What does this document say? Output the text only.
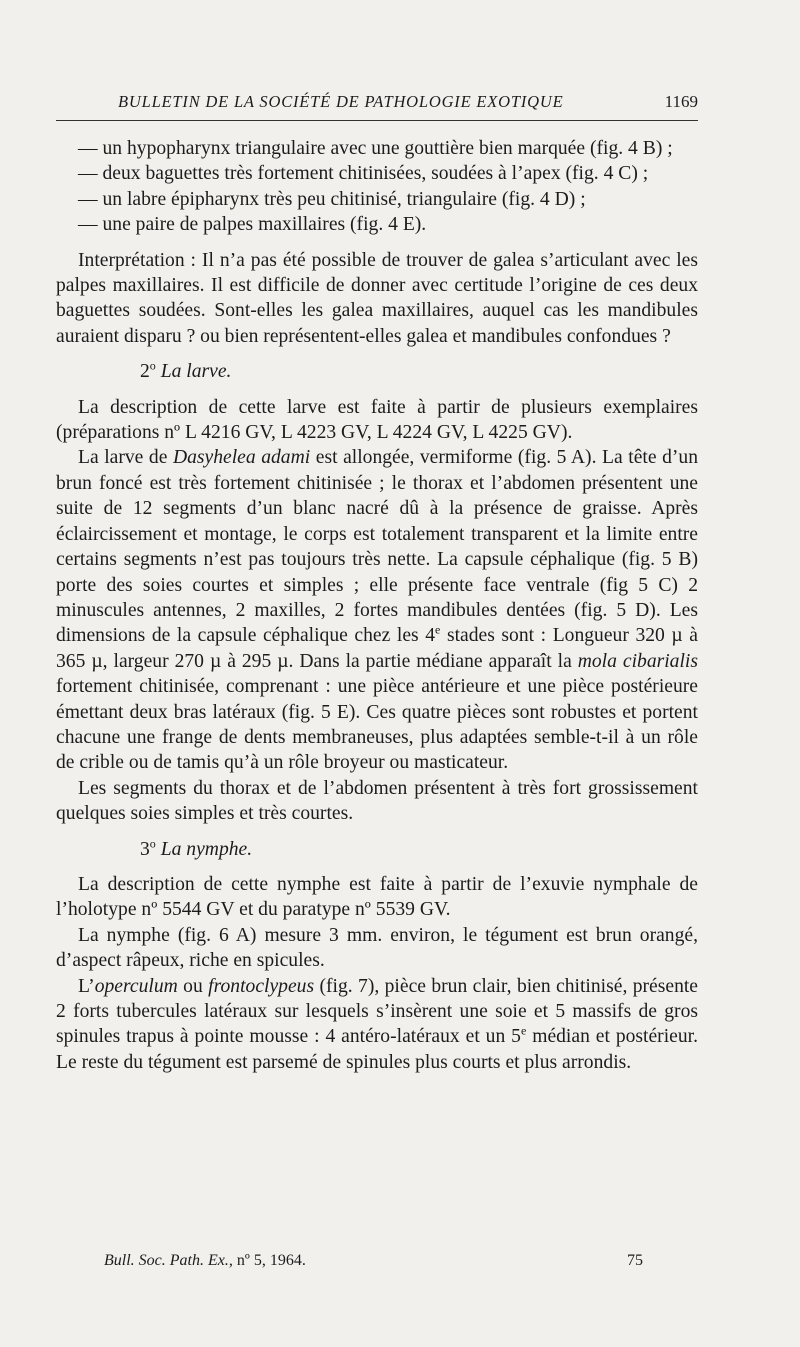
BULLETIN DE LA SOCIÉTÉ DE PATHOLOGIE EXOTIQUE	1169

— un hypopharynx triangulaire avec une gouttière bien marquée (fig. 4 B) ;

— deux baguettes très fortement chitinisées, soudées à l’apex (fig. 4 C) ;

— un labre épipharynx très peu chitinisé, triangulaire (fig. 4 D) ;

— une paire de palpes maxillaires (fig. 4 E).

Interprétation : Il n’a pas été possible de trouver de galea s’articulant avec les palpes maxillaires. Il est difficile de donner avec certitude l’origine de ces deux baguettes soudées. Sont-elles les galea maxillaires, auquel cas les mandibules auraient disparu ? ou bien représentent-elles galea et mandibules confondues ?

2$^o$ La larve.

La description de cette larve est faite à partir de plusieurs exemplaires (préparations nº L 4216 GV, L 4223 GV, L 4224 GV, L 4225 GV).

La larve de Dasyhelea adami est allongée, vermiforme (fig. 5 A). La tête d’un brun foncé est très fortement chitinisée ; le thorax et l’abdomen présentent une suite de 12 segments d’un blanc nacré dû à la présence de graisse. Après éclaircissement et montage, le corps est totalement transparent et la limite entre certains segments n’est pas toujours très nette. La capsule céphalique (fig. 5 B) porte des soies courtes et simples ; elle présente face ventrale (fig 5 C) 2 minuscules antennes, 2 maxilles, 2 fortes mandibules dentées (fig. 5 D). Les dimensions de la capsule céphalique chez les 4e stades sont : Longueur 320 µ à 365 µ, largeur 270 µ à 295 µ. Dans la partie médiane apparaît la mola cibarialis fortement chitinisée, comprenant : une pièce antérieure et une pièce postérieure émettant deux bras latéraux (fig. 5 E). Ces quatre pièces sont robustes et portent chacune une frange de dents membraneuses, plus adaptées semble-t-il à un rôle de crible ou de tamis qu’à un rôle broyeur ou masticateur.

Les segments du thorax et de l’abdomen présentent à très fort grossissement quelques soies simples et très courtes.

3$^o$ La nymphe.

La description de cette nymphe est faite à partir de l’exuvie nymphale de l’holotype nº 5544 GV et du paratype nº 5539 GV.

La nymphe (fig. 6 A) mesure 3 mm. environ, le tégument est brun orangé, d’aspect râpeux, riche en spicules.

L’operculum ou frontoclypeus (fig. 7), pièce brun clair, bien chitinisé, présente 2 forts tubercules latéraux sur lesquels s’insèrent une soie et 5 massifs de gros spinules trapus à pointe mousse : 4 antéro-latéraux et un 5e médian et postérieur. Le reste du tégument est parsemé de spinules plus courts et plus arrondis.

Bull. Soc. Path. Ex., nº 5, 1964.	75
